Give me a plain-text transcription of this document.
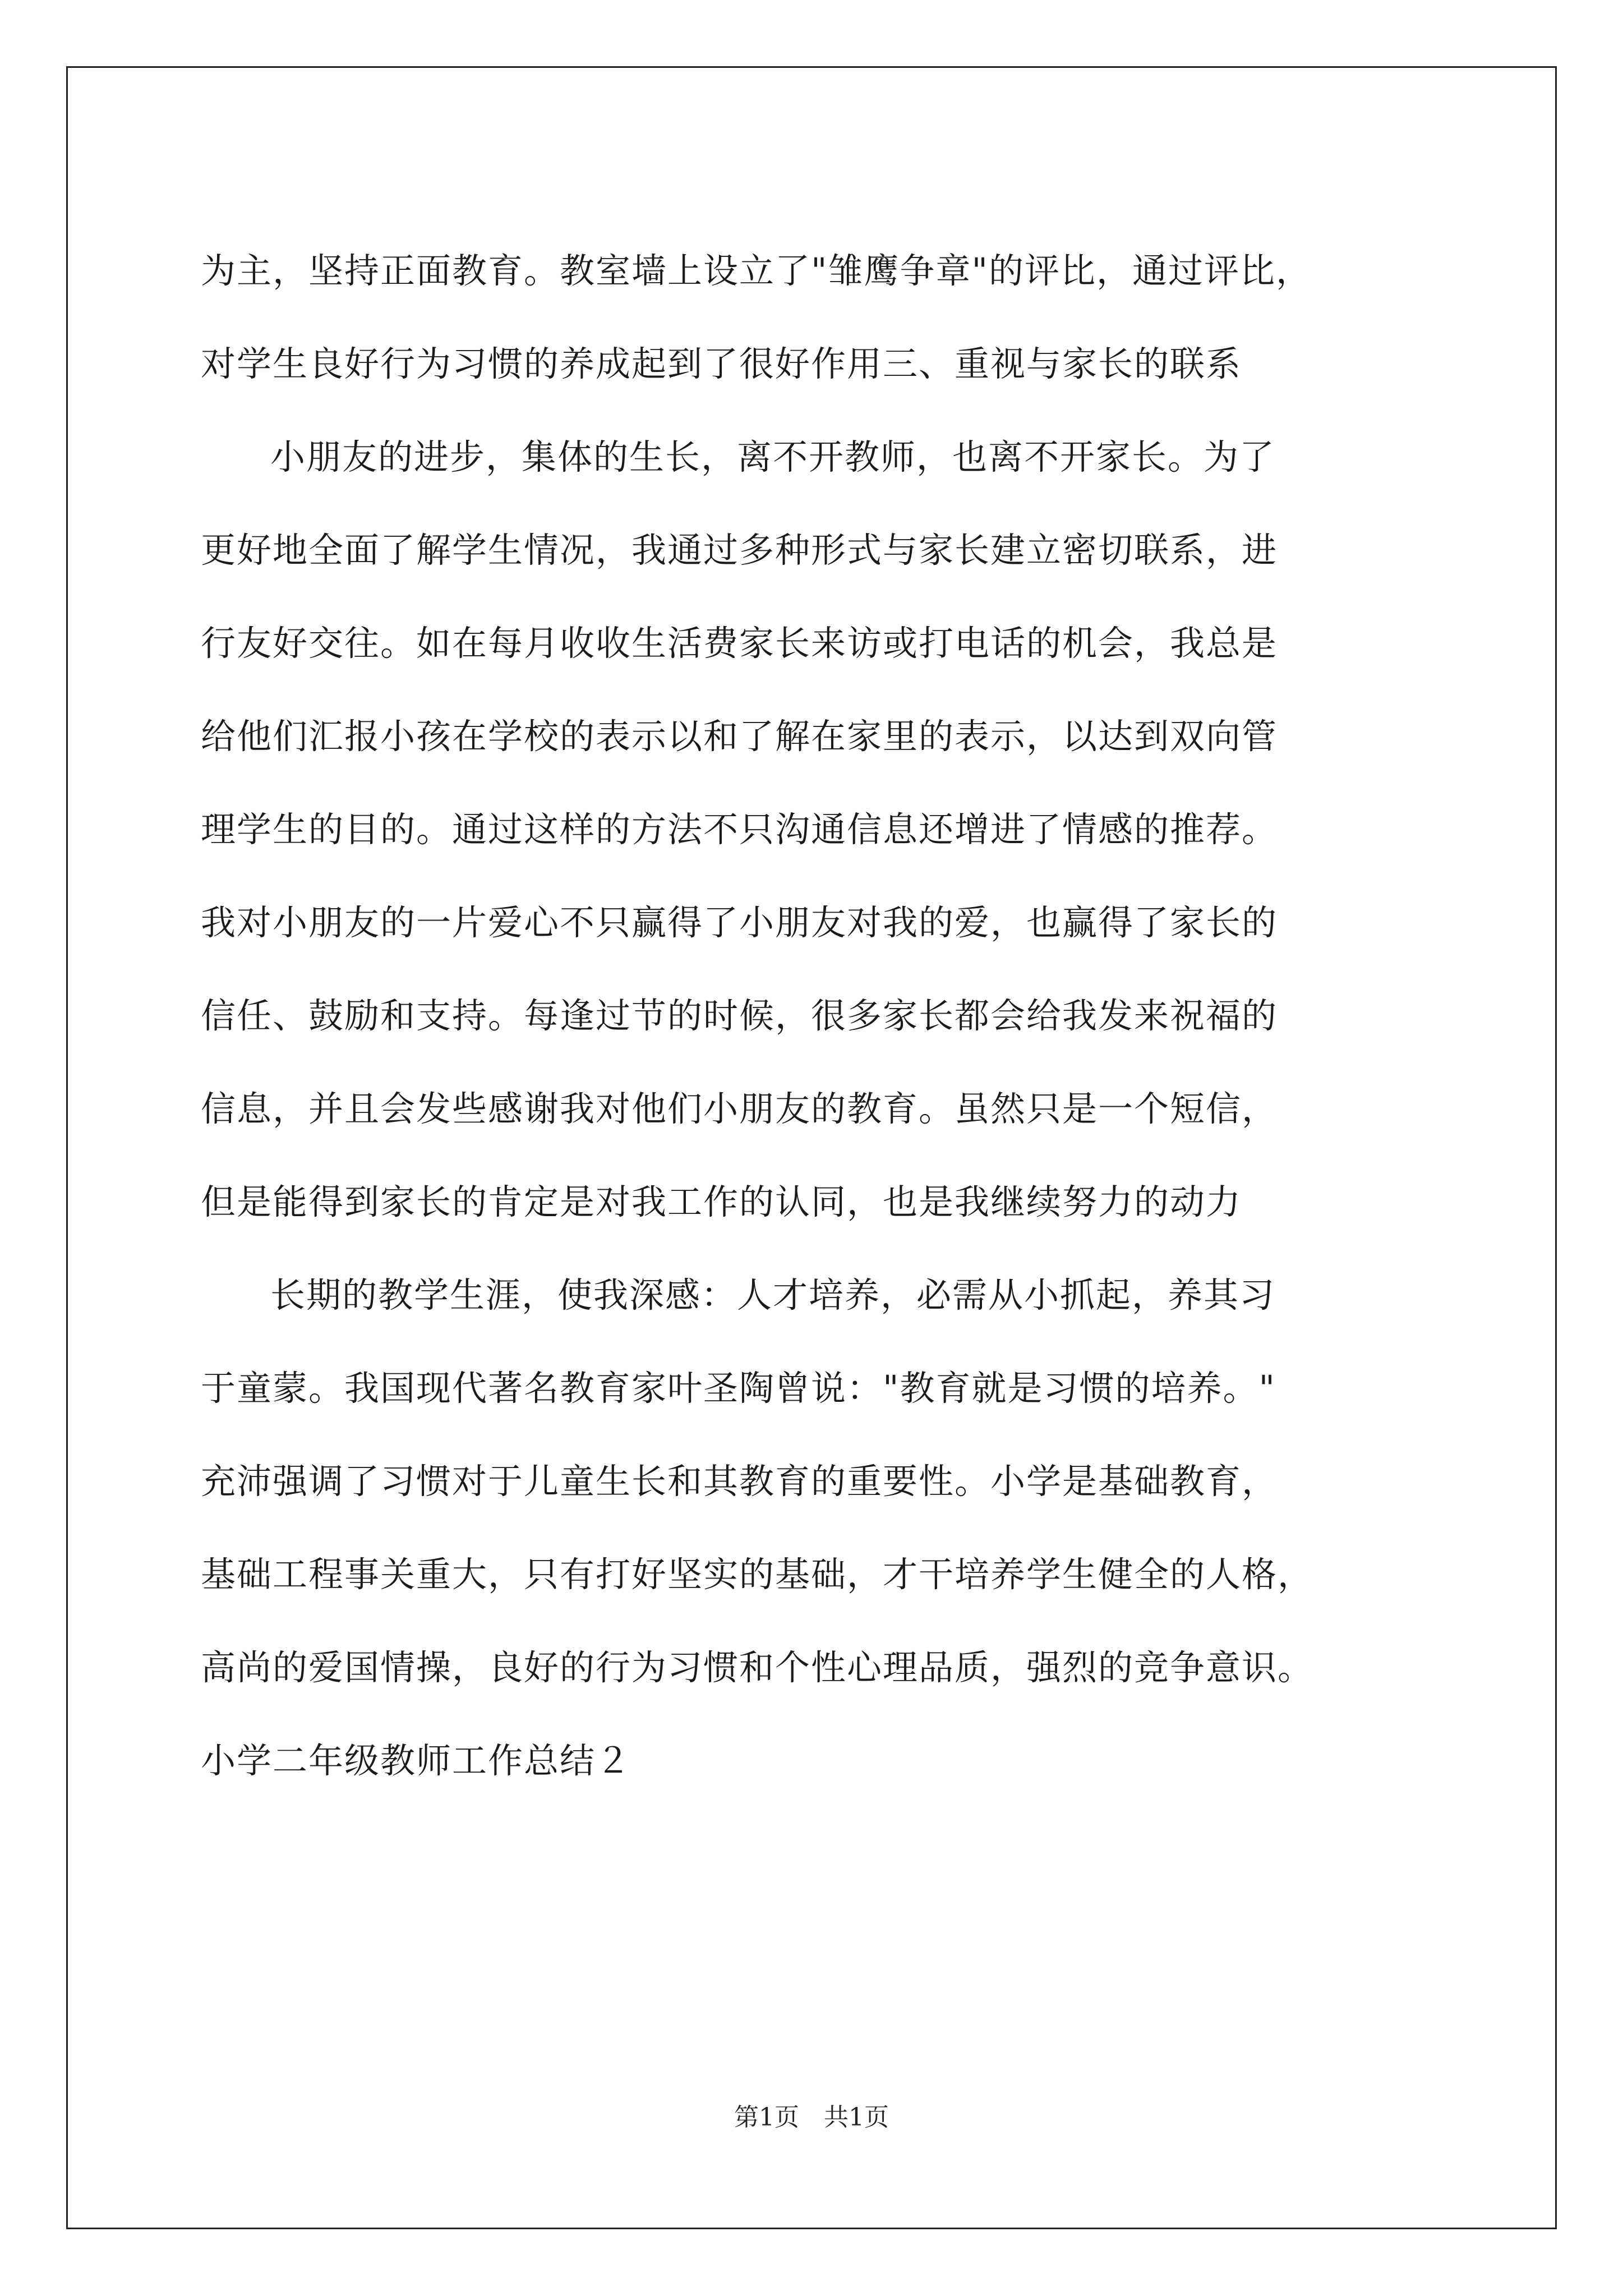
为主，坚持正面教育。教室墙上设立了"雏鹰争章"的评比，通过评比，
对学生良好行为习惯的养成起到了很好作用三、重视与家长的联系
小朋友的进步，集体的生长，离不开教师，也离不开家长。为了
更好地全面了解学生情况，我通过多种形式与家长建立密切联系，进
行友好交往。如在每月收收生活费家长来访或打电话的机会，我总是
给他们汇报小孩在学校的表示以和了解在家里的表示，以达到双向管
理学生的目的。通过这样的方法不只沟通信息还增进了情感的推荐。
我对小朋友的一片爱心不只赢得了小朋友对我的爱，也赢得了家长的
信任、鼓励和支持。每逢过节的时候，很多家长都会给我发来祝福的
信息，并且会发些感谢我对他们小朋友的教育。虽然只是一个短信，
但是能得到家长的肯定是对我工作的认同，也是我继续努力的动力
长期的教学生涯，使我深感：人才培养，必需从小抓起，养其习
于童蒙。我国现代著名教育家叶圣陶曾说："教育就是习惯的培养。"
充沛强调了习惯对于儿童生长和其教育的重要性。小学是基础教育，
基础工程事关重大，只有打好坚实的基础，才干培养学生健全的人格，
高尚的爱国情操，良好的行为习惯和个性心理品质，强烈的竞争意识。
小学二年级教师工作总结２
第1页 共1页
